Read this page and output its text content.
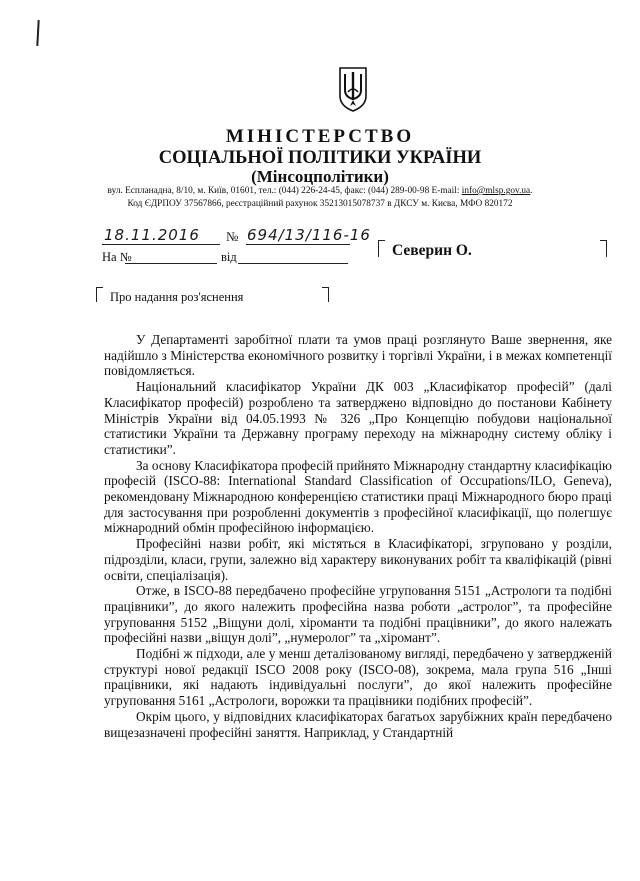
МІНІСТЕРСТВО
СОЦІАЛЬНОЇ ПОЛІТИКИ УКРАЇНИ
(Мінсоцполітики)
вул. Еспланадна, 8/10, м. Київ, 01601, тел.: (044) 226-24-45, факс: (044) 289-00-98 E-mail: info@mlsp.gov.ua.
Код ЄДРПОУ 37567866, реєстраційний рахунок 35213015078737 в ДКСУ м. Києва, МФО 820172
18.11.2016 № 694/13/116-16
На №	від	Северин О.
Про надання роз'яснення

У Департаменті заробітної плати та умов праці розглянуто Ваше звернення, яке надійшло з Міністерства економічного розвитку і торгівлі України, і в межах компетенції повідомляється.

Національний класифікатор України ДК 003 „Класифікатор професій” (далі Класифікатор професій) розроблено та затверджено відповідно до постанови Кабінету Міністрів України від 04.05.1993 № 326 „Про Концепцію побудови національної статистики України та Державну програму переходу на міжнародну систему обліку і статистики”.

За основу Класифікатора професій прийнято Міжнародну стандартну класифікацію професій (ISCO-88: International Standard Classification of Occupations/ILO, Geneva), рекомендовану Міжнародною конференцією статистики праці Міжнародного бюро праці для застосування при розробленні документів з професійної класифікації, що полегшує міжнародний обмін професійною інформацією.

Професійні назви робіт, які містяться в Класифікаторі, згруповано у розділи, підрозділи, класи, групи, залежно від характеру виконуваних робіт та кваліфікацій (рівні освіти, спеціалізація).

Отже, в ISCO-88 передбачено професійне угруповання 5151 „Астрологи та подібні працівники”, до якого належить професійна назва роботи „астролог”, та професійне угруповання 5152 „Віщуни долі, хіроманти та подібні працівники”, до якого належать професійні назви „віщун долі”, „нумеролог” та „хіромант”.

Подібні ж підходи, але у менш деталізованому вигляді, передбачено у затвердженій структурі нової редакції ISCO 2008 року (ISCO-08), зокрема, мала група 516 „Інші працівники, які надають індивідуальні послуги”, до якої належить професійне угруповання 5161 „Астрологи, ворожки та працівники подібних професій”.

Окрім цього, у відповідних класифікаторах багатьох зарубіжних країн передбачено вищезазначені професійні заняття. Наприклад, у Стандартній
